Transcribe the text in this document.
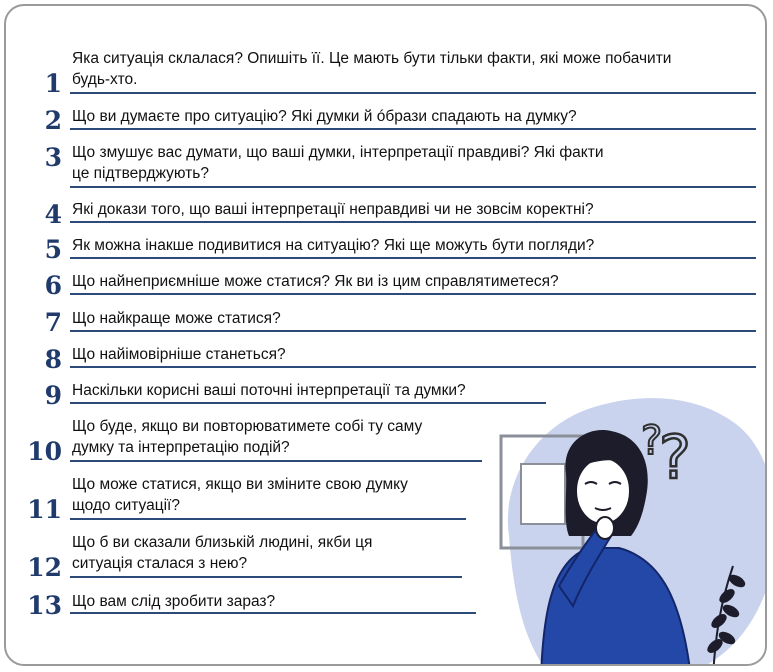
?
?
1
Яка ситуація склалася? Опишіть її. Це мають бути тільки факти, які може побачити
будь-хто.
2 Що ви думаєте про ситуацію? Які думки й óбрази спадають на думку?
3 Що змушує вас думати, що ваші думки, інтерпретації правдиві? Які факти
це підтверджують?
4 Які докази того, що ваші інтерпретації неправдиві чи не зовсім коректні?
5 Як можна інакше подивитися на ситуацію? Які ще можуть бути погляди?
6 Що найнеприємніше може статися? Як ви із цим справлятиметеся?
7 Що найкраще може статися?
8 Що найімовірніше станеться?
9 Наскільки корисні ваші поточні інтерпретації та думки?
10
Що буде, якщо ви повторюватимете собі ту саму
думку та інтерпретацію подій?
11
Що може статися, якщо ви зміните свою думку
щодо ситуації?
12
Що б ви сказали близькій людині, якби ця
ситуація сталася з нею?
13 Що вам слід зробити зараз?
